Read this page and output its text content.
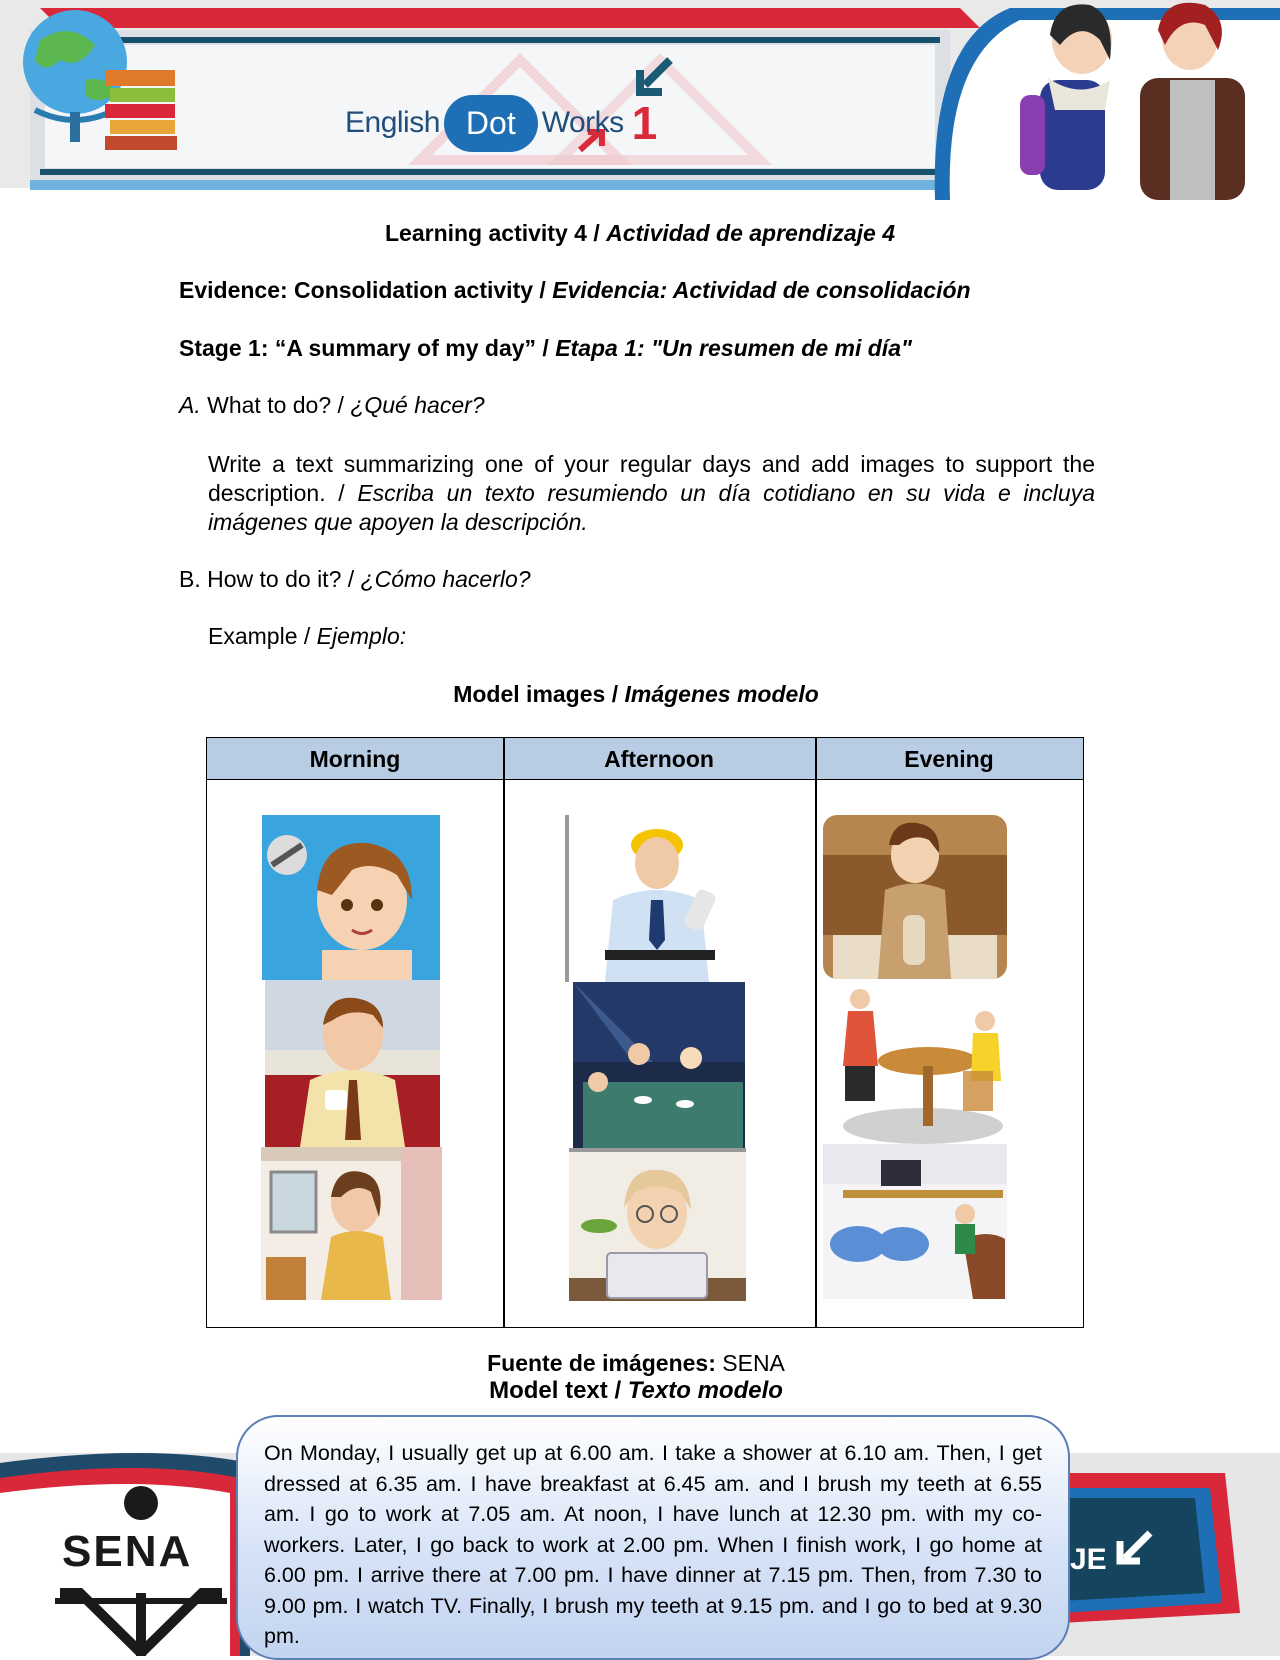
English Dot Works 1
Learning activity 4 / Actividad de aprendizaje 4
Evidence: Consolidation activity / Evidencia: Actividad de consolidación
Stage 1: “A summary of my day” / Etapa 1: "Un resumen de mi día"
A. What to do? / ¿Qué hacer?
Write a text summarizing one of your regular days and add images to support the description. / Escriba un texto resumiendo un día cotidiano en su vida e incluya imágenes que apoyen la descripción.
B. How to do it? / ¿Cómo hacerlo?
Example / Ejemplo:
Model images / Imágenes modelo
Morning	Afternoon	Evening
Fuente de imágenes: SENA
Model text / Texto modelo
SENA	JE
On Monday, I usually get up at 6.00 am. I take a shower at 6.10 am. Then, I get dressed at 6.35 am. I have breakfast at 6.45 am. and I brush my teeth at 6.55 am. I go to work at 7.05 am. At noon, I have lunch at 12.30 pm. with my co-workers. Later, I go back to work at 2.00 pm. When I finish work, I go home at 6.00 pm. I arrive there at 7.00 pm. I have dinner at 7.15 pm. Then, from 7.30 to 9.00 pm. I watch TV. Finally, I brush my teeth at 9.15 pm. and I go to bed at 9.30 pm.
